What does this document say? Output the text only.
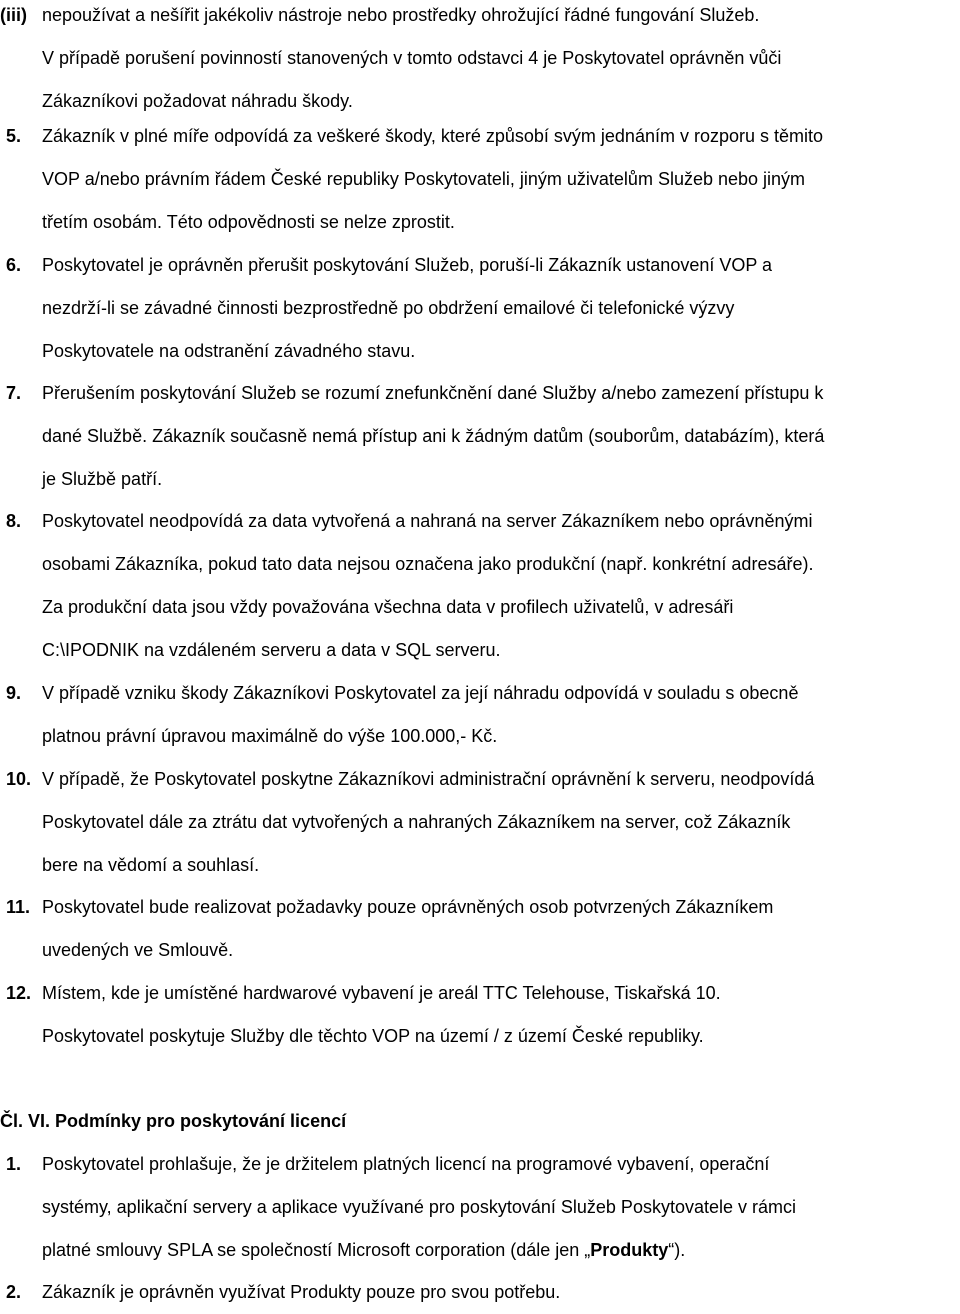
(iii) nepoužívat a nešířit jakékoliv nástroje nebo prostředky ohrožující řádné fungování Služeb.
V případě porušení povinností stanovených v tomto odstavci 4 je Poskytovatel oprávněn vůči
Zákazníkovi požadovat náhradu škody.
5.	Zákazník v plné míře odpovídá za veškeré škody, které způsobí svým jednáním v rozporu s těmito
VOP a/nebo právním řádem České republiky Poskytovateli, jiným uživatelům Služeb nebo jiným
třetím osobám. Této odpovědnosti se nelze zprostit.
6.	Poskytovatel je oprávněn přerušit poskytování Služeb, poruší-li Zákazník ustanovení VOP a
nezdrží-li se závadné činnosti bezprostředně po obdržení emailové či telefonické výzvy
Poskytovatele na odstranění závadného stavu.
7.	Přerušením poskytování Služeb se rozumí znefunkčnění dané Služby a/nebo zamezení přístupu k
dané Službě. Zákazník současně nemá přístup ani k žádným datům (souborům, databázím), která
je Službě patří.
8.	Poskytovatel neodpovídá za data vytvořená a nahraná na server Zákazníkem nebo oprávněnými
osobami Zákazníka, pokud tato data nejsou označena jako produkční (např. konkrétní adresáře).
Za produkční data jsou vždy považována všechna data v profilech uživatelů, v adresáři
C:\IPODNIK na vzdáleném serveru a data v SQL serveru.
9.	V případě vzniku škody Zákazníkovi Poskytovatel za její náhradu odpovídá v souladu s obecně
platnou právní úpravou maximálně do výše 100.000,- Kč.
10. V případě, že Poskytovatel poskytne Zákazníkovi administrační oprávnění k serveru, neodpovídá
Poskytovatel dále za ztrátu dat vytvořených a nahraných Zákazníkem na server, což Zákazník
bere na vědomí a souhlasí.
11. Poskytovatel bude realizovat požadavky pouze oprávněných osob potvrzených Zákazníkem
uvedených ve Smlouvě.
12. Místem, kde je umístěné hardwarové vybavení je areál TTC Telehouse, Tiskařská 10.
Poskytovatel poskytuje Služby dle těchto VOP na území / z území České republiky.
Čl. VI. Podmínky pro poskytování licencí
1.	Poskytovatel prohlašuje, že je držitelem platných licencí na programové vybavení, operační
systémy, aplikační servery a aplikace využívané pro poskytování Služeb Poskytovatele v rámci
platné smlouvy SPLA se společností Microsoft corporation (dále jen „Produkty“).
2.	Zákazník je oprávněn využívat Produkty pouze pro svou potřebu.
